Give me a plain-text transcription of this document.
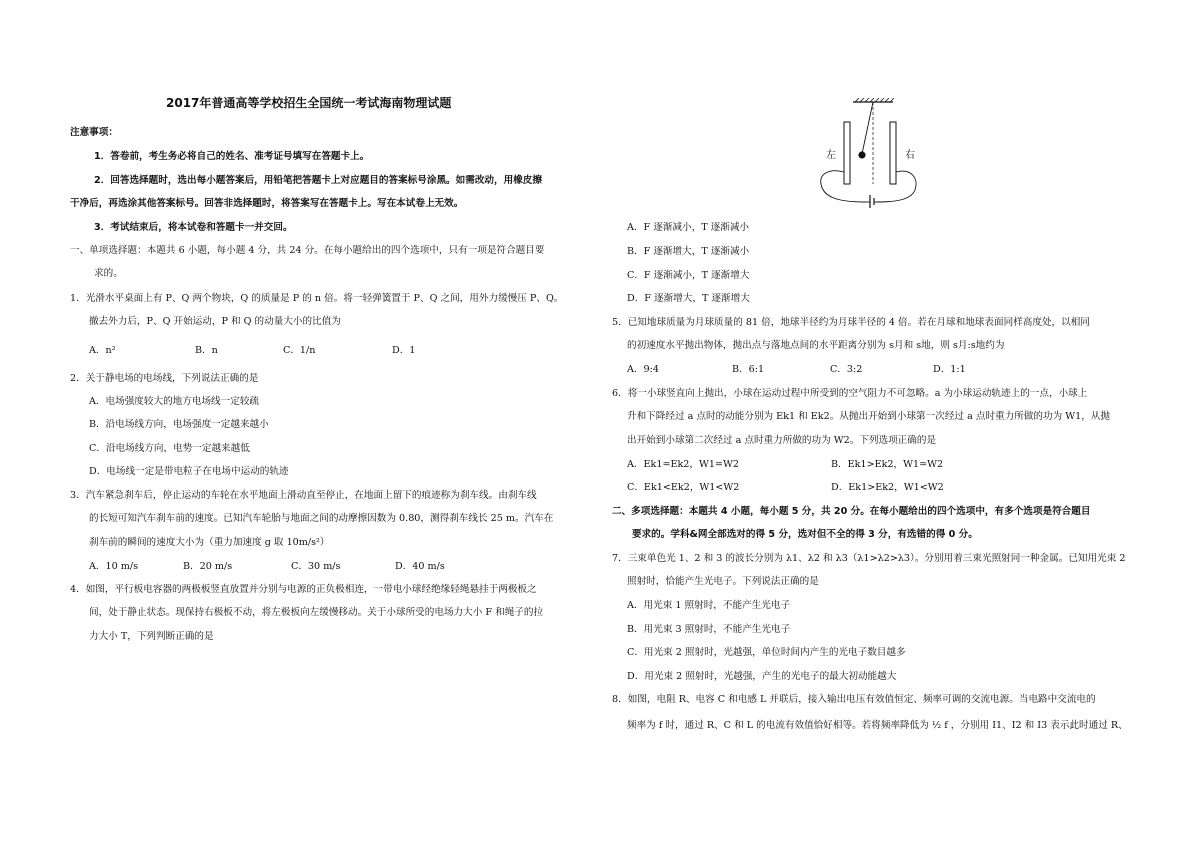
2017年普通高等学校招生全国统一考试海南物理试题
注意事项：
1．答卷前，考生务必将自己的姓名、准考证号填写在答题卡上。
2．回答选择题时，选出每小题答案后，用铅笔把答题卡上对应题目的答案标号涂黑。如需改动，用橡皮擦
干净后，再选涂其他答案标号。回答非选择题时，将答案写在答题卡上。写在本试卷上无效。
3．考试结束后，将本试卷和答题卡一并交回。
一、单项选择题：本题共 6 小题，每小题 4 分，共 24 分。在每小题给出的四个选项中，只有一项是符合题目要
求的。
1．光滑水平桌面上有 P、Q 两个物块，Q 的质量是 P 的 n 倍。将一轻弹簧置于 P、Q 之间，用外力缓慢压 P、Q。
撤去外力后，P、Q 开始运动，P 和 Q 的动量大小的比值为
A．n²	B．n	C．1/n	D．1
2．关于静电场的电场线，下列说法正确的是
A．电场强度较大的地方电场线一定较疏
B．沿电场线方向，电场强度一定越来越小
C．沿电场线方向，电势一定越来越低
D．电场线一定是带电粒子在电场中运动的轨迹
3．汽车紧急刹车后，停止运动的车轮在水平地面上滑动直至停止，在地面上留下的痕迹称为刹车线。由刹车线
的长短可知汽车刹车前的速度。已知汽车轮胎与地面之间的动摩擦因数为 0.80，测得刹车线长 25 m。汽车在
刹车前的瞬间的速度大小为（重力加速度 g 取 10m/s²）
A．10 m/s	B．20 m/s	C．30 m/s	D．40 m/s
4．如图，平行板电容器的两极板竖直放置并分别与电源的正负极相连，一带电小球经绝缘轻绳悬挂于两极板之
间，处于静止状态。现保持右极板不动，将左极板向左缓慢移动。关于小球所受的电场力大小 F 和绳子的拉
力大小 T，下列判断正确的是
左	右
A．F 逐渐减小，T 逐渐减小
B．F 逐渐增大，T 逐渐减小
C．F 逐渐减小，T 逐渐增大
D．F 逐渐增大，T 逐渐增大
5．已知地球质量为月球质量的 81 倍，地球半径约为月球半径的 4 倍。若在月球和地球表面同样高度处，以相同
的初速度水平抛出物体，抛出点与落地点间的水平距离分别为 s月和 s地，则 s月:s地约为
A．9:4	B．6:1	C．3:2	D．1:1
6．将一小球竖直向上抛出，小球在运动过程中所受到的空气阻力不可忽略。a 为小球运动轨迹上的一点，小球上
升和下降经过 a 点时的动能分别为 Ek1 和 Ek2。从抛出开始到小球第一次经过 a 点时重力所做的功为 W1，从抛
出开始到小球第二次经过 a 点时重力所做的功为 W2。下列选项正确的是
A．Ek1=Ek2，W1=W2	B．Ek1>Ek2，W1=W2
C．Ek1<Ek2，W1<W2	D．Ek1>Ek2，W1<W2
二、多项选择题：本题共 4 小题，每小题 5 分，共 20 分。在每小题给出的四个选项中，有多个选项是符合题目
要求的。学科&网全部选对的得 5 分，选对但不全的得 3 分，有选错的得 0 分。
7．三束单色光 1、2 和 3 的波长分别为 λ1、λ2 和 λ3（λ1>λ2>λ3）。分别用着三束光照射同一种金属。已知用光束 2
照射时，恰能产生光电子。下列说法正确的是
A．用光束 1 照射时，不能产生光电子
B．用光束 3 照射时，不能产生光电子
C．用光束 2 照射时，光越强，单位时间内产生的光电子数目越多
D．用光束 2 照射时，光越强，产生的光电子的最大初动能越大
8．如图，电阻 R、电容 C 和电感 L 并联后，接入输出电压有效值恒定、频率可调的交流电源。当电路中交流电的
频率为 f 时，通过 R、C 和 L 的电流有效值恰好相等。若将频率降低为 ½ f ，分别用 I1、I2 和 I3 表示此时通过 R、
